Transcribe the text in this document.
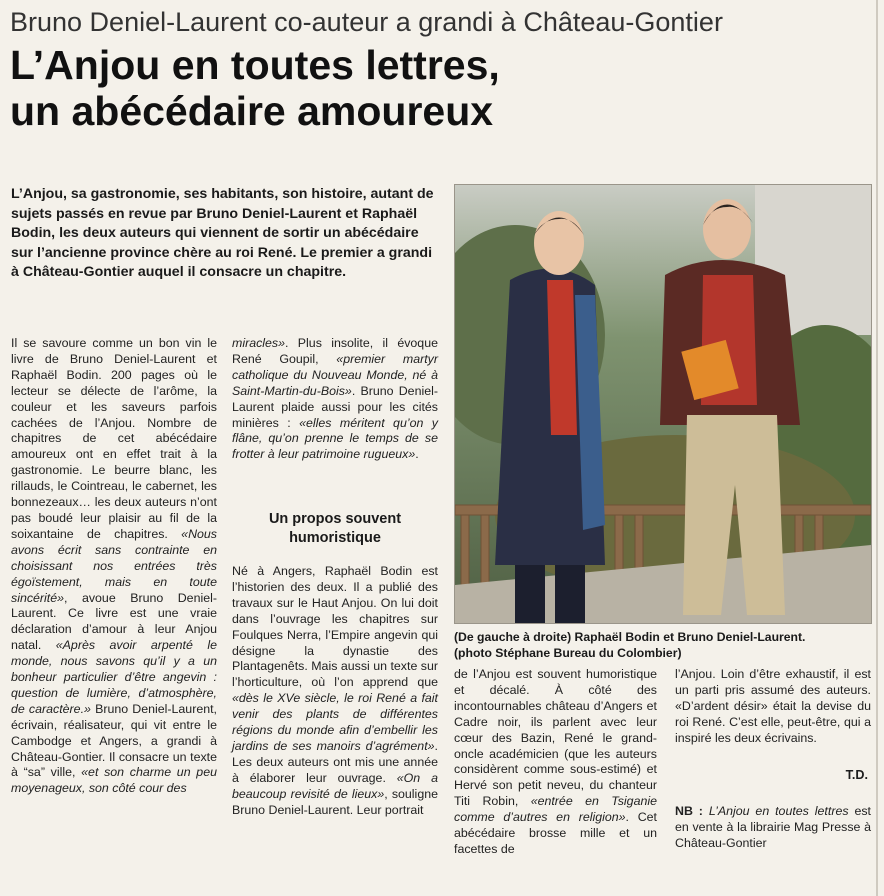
Bruno Deniel-Laurent co-auteur a grandi à Château-Gontier
L’Anjou en toutes lettres,
un abécédaire amoureux
L’Anjou, sa gastronomie, ses habitants, son histoire, autant de sujets passés en revue par Bruno Deniel-Laurent et Raphaël Bodin, les deux auteurs qui viennent de sortir un abécédaire sur l’ancienne province chère au roi René. Le premier a grandi à Château-Gontier auquel il consacre un chapitre.

Il se savoure comme un bon vin le livre de Bruno Deniel-Laurent et Raphaël Bodin. 200 pages où le lecteur se délecte de l’arôme, la couleur et les saveurs parfois cachées de l’Anjou. Nombre de chapitres de cet abécédaire amoureux ont en effet trait à la gastronomie. Le beurre blanc, les rillauds, le Cointreau, le cabernet, les bonnezeaux… les deux auteurs n’ont pas boudé leur plaisir au fil de la soixantaine de chapitres. «Nous avons écrit sans contrainte en choisissant nos entrées très égoïstement, mais en toute sincérité», avoue Bruno Deniel-Laurent. Ce livre est une vraie déclaration d’amour à leur Anjou natal. «Après avoir arpenté le monde, nous savons qu’il y a un bonheur particulier d’être angevin : question de lumière, d’atmosphère, de caractère.» Bruno Deniel-Laurent, écrivain, réalisateur, qui vit entre le Cambodge et Angers, a grandi à Château-Gontier. Il consacre un texte à “sa” ville, «et son charme un peu moyenageux, son côté cour des

miracles». Plus insolite, il évoque René Goupil, «premier martyr catholique du Nouveau Monde, né à Saint-Martin-du-Bois». Bruno Deniel-Laurent plaide aussi pour les cités minières : «elles méritent qu’on y flâne, qu’on prenne le temps de se frotter à leur patrimoine rugueux».

Un propos souvent humoristique

Né à Angers, Raphaël Bodin est l’historien des deux. Il a publié des travaux sur le Haut Anjou. On lui doit dans l’ouvrage les chapitres sur Foulques Nerra, l’Empire angevin qui désigne la dynastie des Plantagenêts. Mais aussi un texte sur l’horticulture, où l’on apprend que «dès le XVe siècle, le roi René a fait venir des plants de différentes régions du monde afin d’embellir les jardins de ses manoirs d’agrément». Les deux auteurs ont mis une année à élaborer leur ouvrage. «On a beaucoup revisité de lieux», souligne Bruno Deniel-Laurent. Leur portrait

(De gauche à droite) Raphaël Bodin et Bruno Deniel-Laurent.
(photo Stéphane Bureau du Colombier)

de l’Anjou est souvent humoristique et décalé. À côté des incontournables château d’Angers et Cadre noir, ils parlent avec leur cœur des Bazin, René le grand-oncle académicien (que les auteurs considèrent comme sous-estimé) et Hervé son petit neveu, du chanteur Titi Robin, «entrée en Tsiganie comme d’autres en religion». Cet abécédaire brosse mille et un facettes de

l’Anjou. Loin d’être exhaustif, il est un parti pris assumé des auteurs. «D’ardent désir» était la devise du roi René. C’est elle, peut-être, qui a inspiré les deux écrivains.

T.D.

NB : L’Anjou en toutes lettres est en vente à la librairie Mag Presse à Château-Gontier
